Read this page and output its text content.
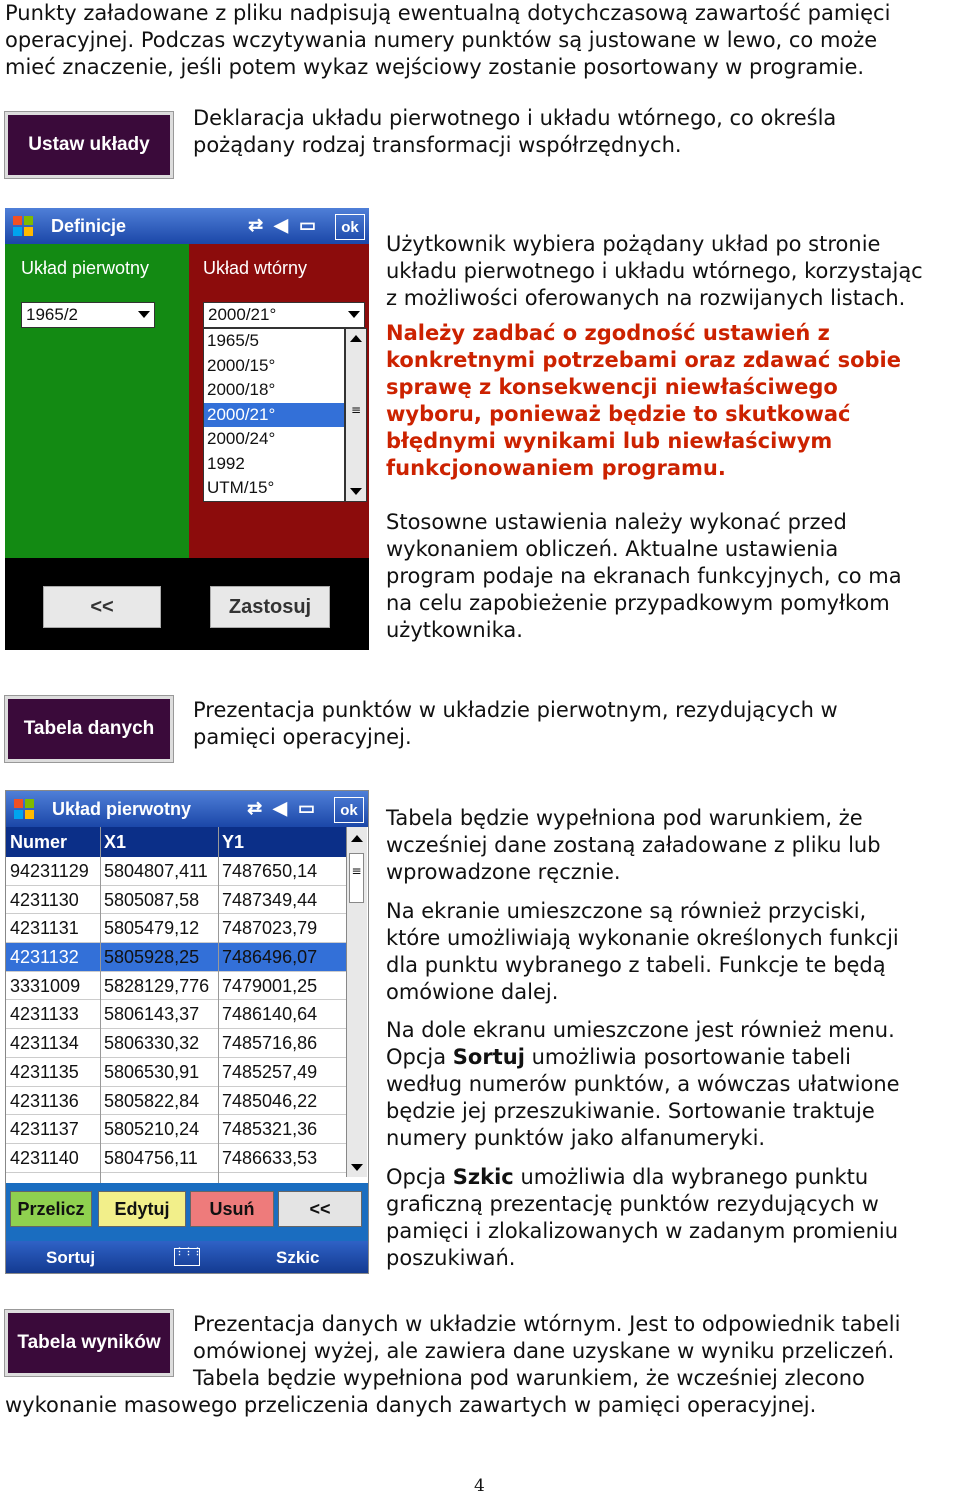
Punkty załadowane z pliku nadpisują ewentualną dotychczasową zawartość pamięci

operacyjnej. Podczas wczytywania numery punktów są justowane w lewo, co może

mieć znaczenie, jeśli potem wykaz wejściowy zostanie posortowany w programie.

Ustaw układy

Deklaracja układu pierwotnego i układu wtórnego, co określa

pożądany rodzaj transformacji współrzędnych.

Definicje	⇄ ◀︎ ▭	ok
Układ pierwotny	Układ wtórny
1965/2	2000/21°
1965/5
2000/15°
2000/18°
2000/21°
2000/24°
1992
UTM/15°
≡
<<	Zastosuj

Użytkownik wybiera pożądany układ po stronie

układu pierwotnego i układu wtórnego, korzystając

z możliwości oferowanych na rozwijanych listach.

Należy zadbać o zgodność ustawień z

konkretnymi potrzebami oraz zdawać sobie

sprawę z konsekwencji niewłaściwego

wyboru, ponieważ będzie to skutkować

błędnymi wynikami lub niewłaściwym

funkcjonowaniem programu.

Stosowne ustawienia należy wykonać przed

wykonaniem obliczeń. Aktualne ustawienia

program podaje na ekranach funkcyjnych, co ma

na celu zapobieżenie przypadkowym pomyłkom

użytkownika.

Tabela danych

Prezentacja punktów w układzie pierwotnym, rezydujących w

pamięci operacyjnej.

Układ pierwotny	⇄ ◀︎ ▭	ok
Numer X1	Y1
94231129 5804807,411 7487650,14
4231130 5805087,58 7487349,44
4231131 5805479,12 7487023,79
4231132 5805928,25 7486496,07
3331009 5828129,776 7479001,25
4231133 5806143,37 7486140,64
4231134 5806330,32 7485716,86
4231135 5806530,91 7485257,49
4231136 5805822,84 7485046,22
4231137 5805210,24 7485321,36
4231140 5804756,11 7486633,53
≡
Przelicz	Edytuj	Usuń	<<
Sortuj	⋮⋮⋮	Szkic

Tabela będzie wypełniona pod warunkiem, że

wcześniej dane zostaną załadowane z pliku lub

wprowadzone ręcznie.

Na ekranie umieszczone są również przyciski,

które umożliwiają wykonanie określonych funkcji

dla punktu wybranego z tabeli. Funkcje te będą

omówione dalej.

Na dole ekranu umieszczone jest również menu.

Opcja Sortuj umożliwia posortowanie tabeli

według numerów punktów, a wówczas ułatwione

będzie jej przeszukiwanie. Sortowanie traktuje

numery punktów jako alfanumeryki.

Opcja Szkic umożliwia dla wybranego punktu

graficzną prezentację punktów rezydujących w

pamięci i zlokalizowanych w zadanym promieniu

poszukiwań.

Tabela wyników

Prezentacja danych w układzie wtórnym. Jest to odpowiednik tabeli

omówionej wyżej, ale zawiera dane uzyskane w wyniku przeliczeń.

Tabela będzie wypełniona pod warunkiem, że wcześniej zlecono

wykonanie masowego przeliczenia danych zawartych w pamięci operacyjnej.

4
